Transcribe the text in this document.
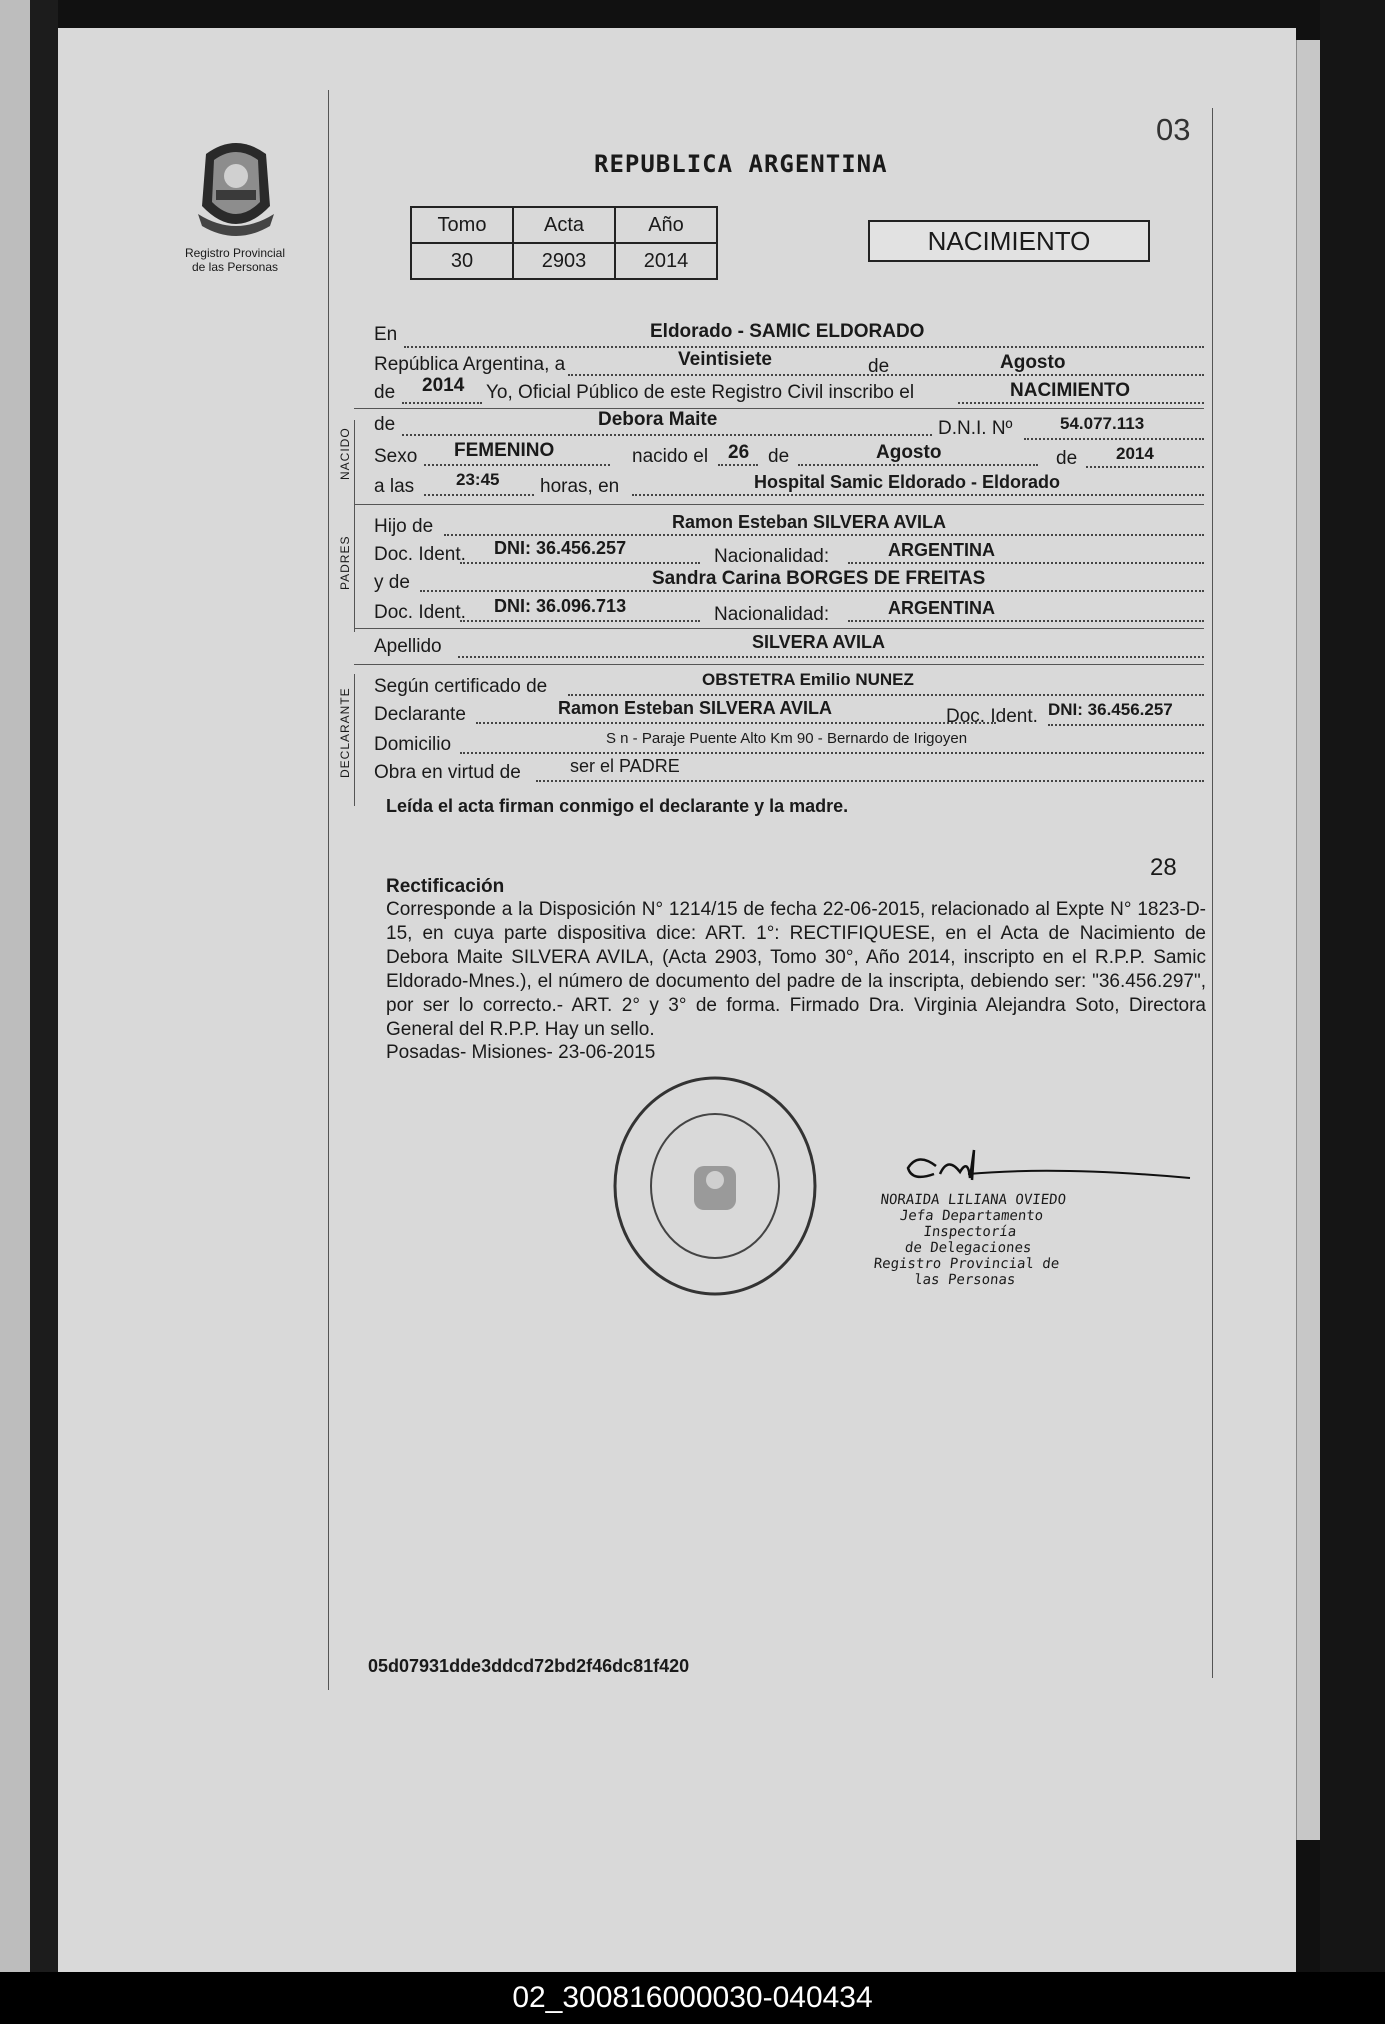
Registro Provincial
de las Personas
03
REPUBLICA ARGENTINA
Tomo	Acta	Año
30	2903	2014
NACIMIENTO
En	Eldorado - SAMIC ELDORADO
República Argentina, a	Veintisiete	de	Agosto
de 2014 Yo, Oficial Público de este Registro Civil inscribo el	NACIMIENTO
NACIDO
de	Debora Maite	D.N.I. Nº	54.077.113
Sexo FEMENINO	nacido el 26 de	Agosto	de 2014
a las 23:45 horas, en	Hospital Samic Eldorado - Eldorado
PADRES
Hijo de	Ramon Esteban SILVERA AVILA
Doc. Ident. DNI: 36.456.257	Nacionalidad:	ARGENTINA
y de	Sandra Carina BORGES DE FREITAS
Doc. Ident. DNI: 36.096.713	Nacionalidad:	ARGENTINA
Apellido	SILVERA AVILA
DECLARANTE
Según certificado de	OBSTETRA Emilio NUNEZ
Declarante	Ramon Esteban SILVERA AVILA	Doc. Ident. DNI: 36.456.257
Domicilio	S n - Paraje Puente Alto Km 90 - Bernardo de Irigoyen
Obra en virtud de	ser el PADRE
Leída el acta firman conmigo el declarante y la madre.
28
Rectificación
Corresponde a la Disposición N° 1214/15 de fecha 22-06-2015, relacionado al Expte N° 1823-D-15, en cuya parte dispositiva dice: ART. 1°: RECTIFIQUESE, en el Acta de Nacimiento de Debora Maite SILVERA AVILA, (Acta 2903, Tomo 30°, Año 2014, inscripto en el R.P.P. Samic Eldorado-Mnes.), el número de documento del padre de la inscripta, debiendo ser: "36.456.297", por ser lo correcto.- ART. 2° y 3° de forma. Firmado Dra. Virginia Alejandra Soto, Directora General del R.P.P. Hay un sello.
Posadas- Misiones- 23-06-2015
NORAIDA LILIANA OVIEDO
Jefa Departamento Inspectoría
de Delegaciones
Registro Provincial de las Personas
05d07931dde3ddcd72bd2f46dc81f420
02_300816000030-040434
